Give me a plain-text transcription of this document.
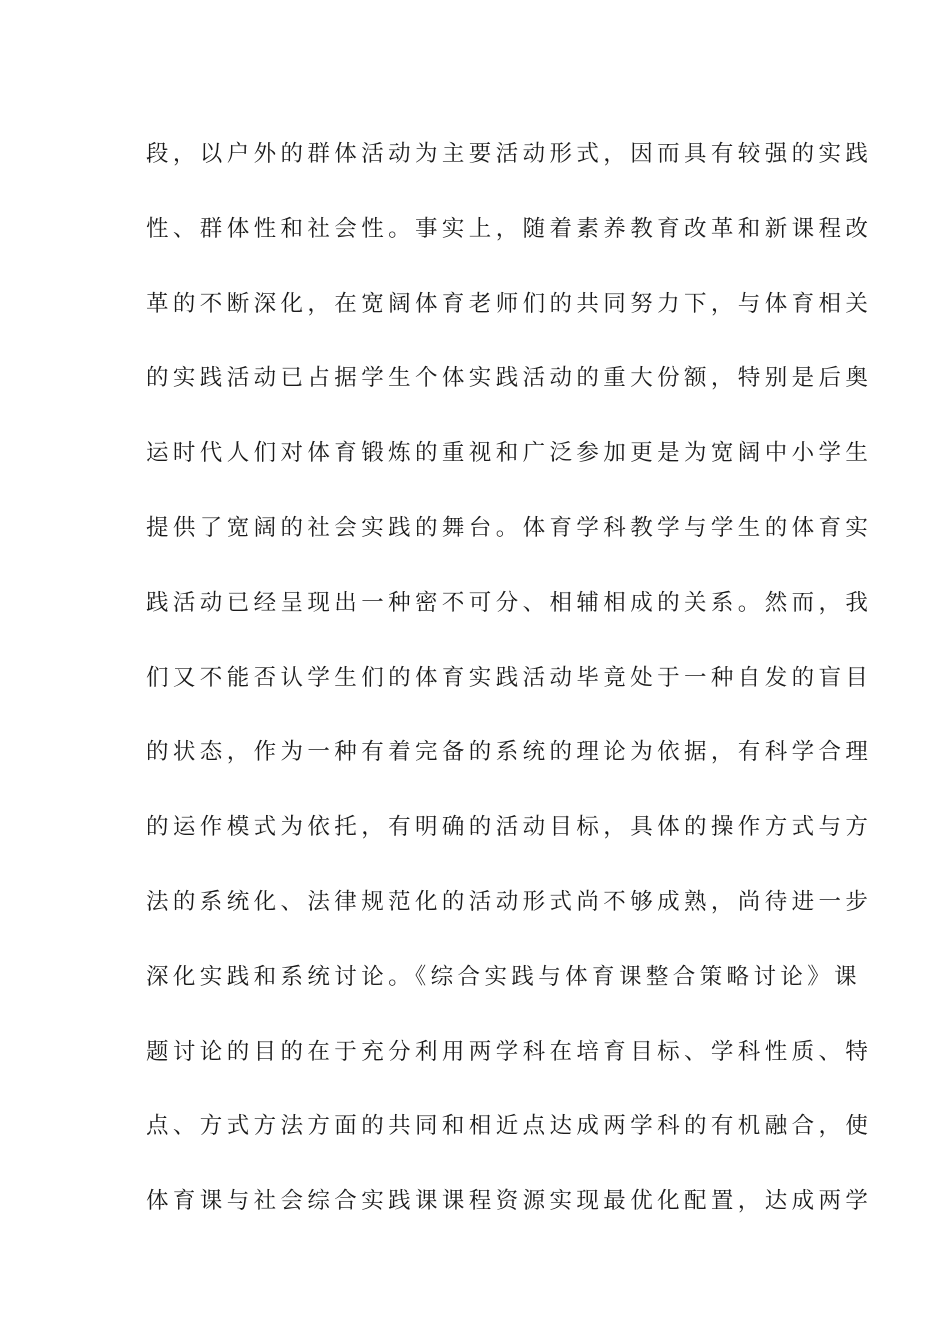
段，以户外的群体活动为主要活动形式，因而具有较强的实践
性、群体性和社会性。事实上，随着素养教育改革和新课程改
革的不断深化，在宽阔体育老师们的共同努力下，与体育相关
的实践活动已占据学生个体实践活动的重大份额，特别是后奥
运时代人们对体育锻炼的重视和广泛参加更是为宽阔中小学生
提供了宽阔的社会实践的舞台。体育学科教学与学生的体育实
践活动已经呈现出一种密不可分、相辅相成的关系。然而，我
们又不能否认学生们的体育实践活动毕竟处于一种自发的盲目
的状态，作为一种有着完备的系统的理论为依据，有科学合理
的运作模式为依托，有明确的活动目标，具体的操作方式与方
法的系统化、法律规范化的活动形式尚不够成熟，尚待进一步
深化实践和系统讨论。《综合实践与体育课整合策略讨论》课
题讨论的目的在于充分利用两学科在培育目标、学科性质、特
点、方式方法方面的共同和相近点达成两学科的有机融合，使
体育课与社会综合实践课课程资源实现最优化配置，达成两学
